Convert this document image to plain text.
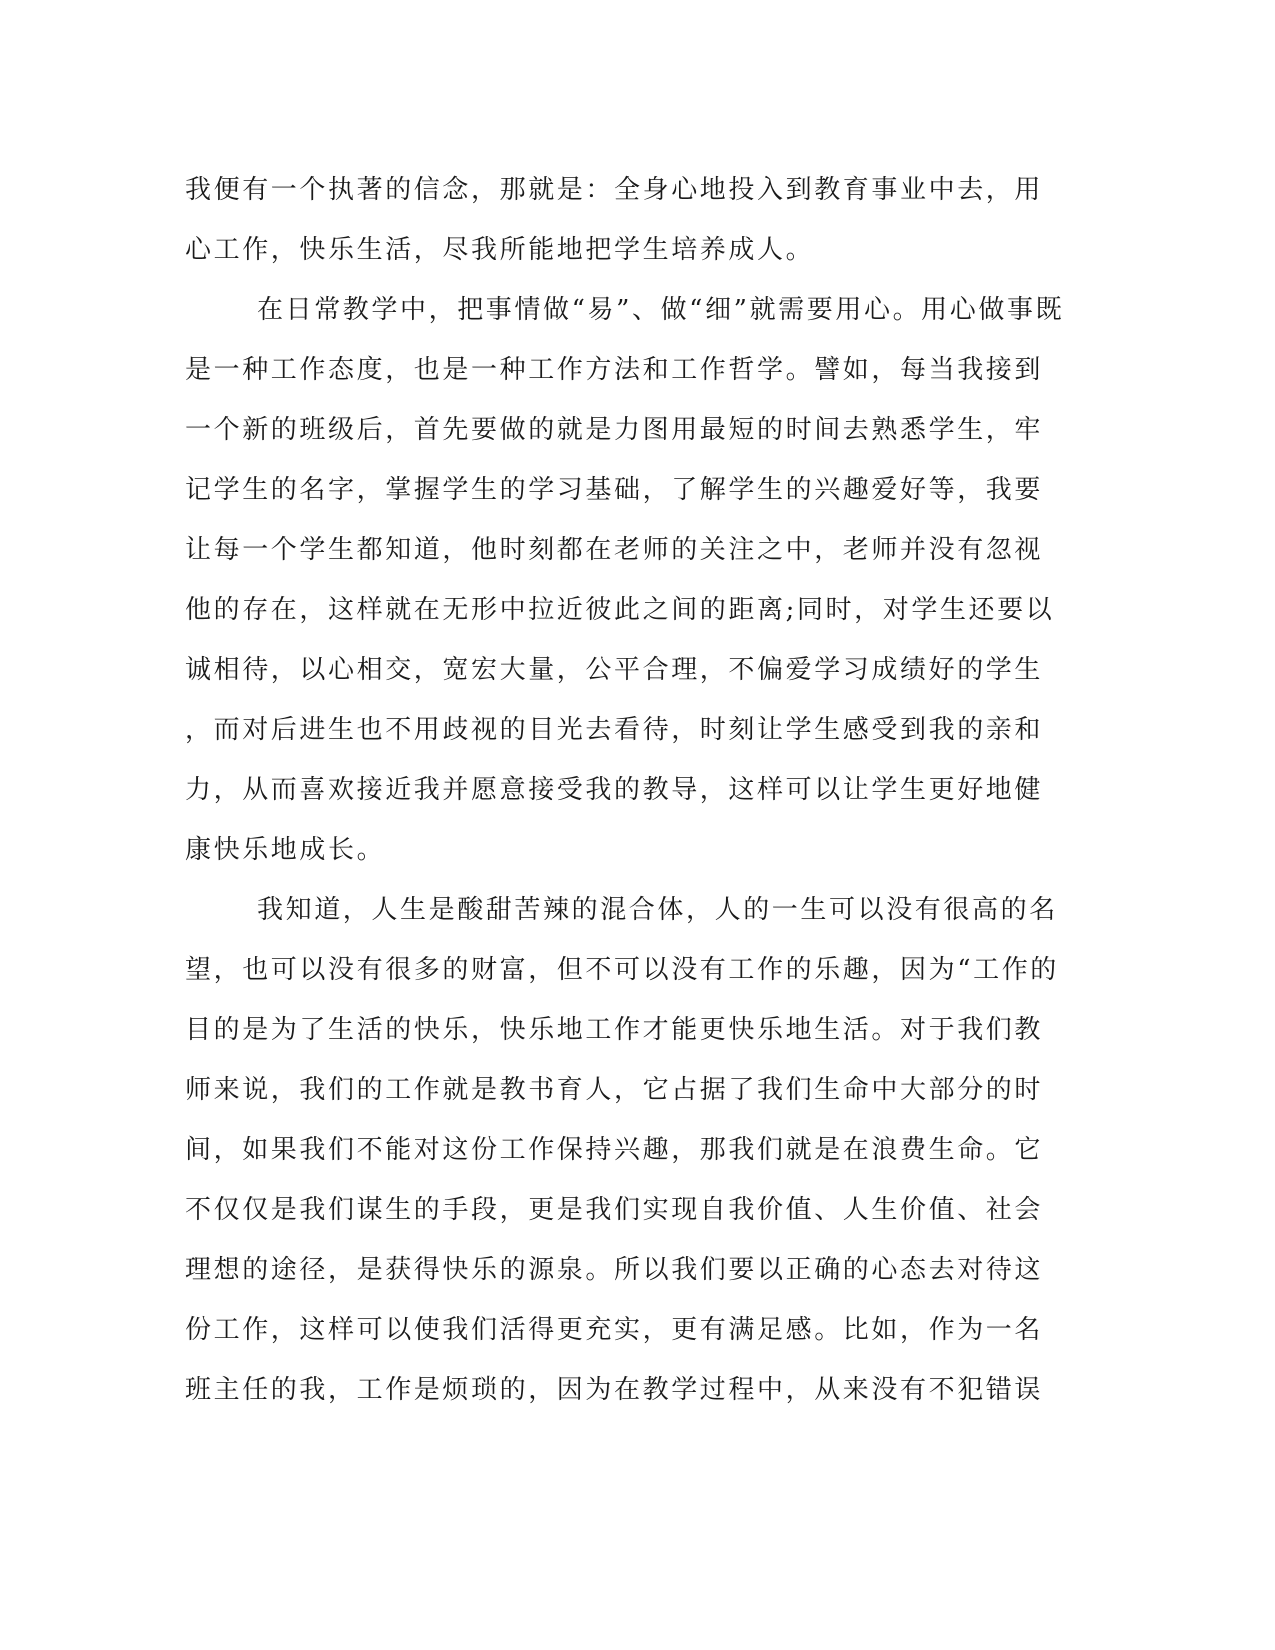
我便有一个执著的信念，那就是：全身心地投入到教育事业中去，用
心工作，快乐生活，尽我所能地把学生培养成人。
在日常教学中，把事情做“易”、做“细”就需要用心。用心做事既
是一种工作态度，也是一种工作方法和工作哲学。譬如，每当我接到
一个新的班级后，首先要做的就是力图用最短的时间去熟悉学生，牢
记学生的名字，掌握学生的学习基础，了解学生的兴趣爱好等，我要
让每一个学生都知道，他时刻都在老师的关注之中，老师并没有忽视
他的存在，这样就在无形中拉近彼此之间的距离;同时，对学生还要以
诚相待，以心相交，宽宏大量，公平合理，不偏爱学习成绩好的学生
，而对后进生也不用歧视的目光去看待，时刻让学生感受到我的亲和
力，从而喜欢接近我并愿意接受我的教导，这样可以让学生更好地健
康快乐地成长。
我知道，人生是酸甜苦辣的混合体，人的一生可以没有很高的名
望，也可以没有很多的财富，但不可以没有工作的乐趣，因为“工作的
目的是为了生活的快乐，快乐地工作才能更快乐地生活。对于我们教
师来说，我们的工作就是教书育人，它占据了我们生命中大部分的时
间，如果我们不能对这份工作保持兴趣，那我们就是在浪费生命。它
不仅仅是我们谋生的手段，更是我们实现自我价值、人生价值、社会
理想的途径，是获得快乐的源泉。所以我们要以正确的心态去对待这
份工作，这样可以使我们活得更充实，更有满足感。比如，作为一名
班主任的我，工作是烦琐的，因为在教学过程中，从来没有不犯错误
